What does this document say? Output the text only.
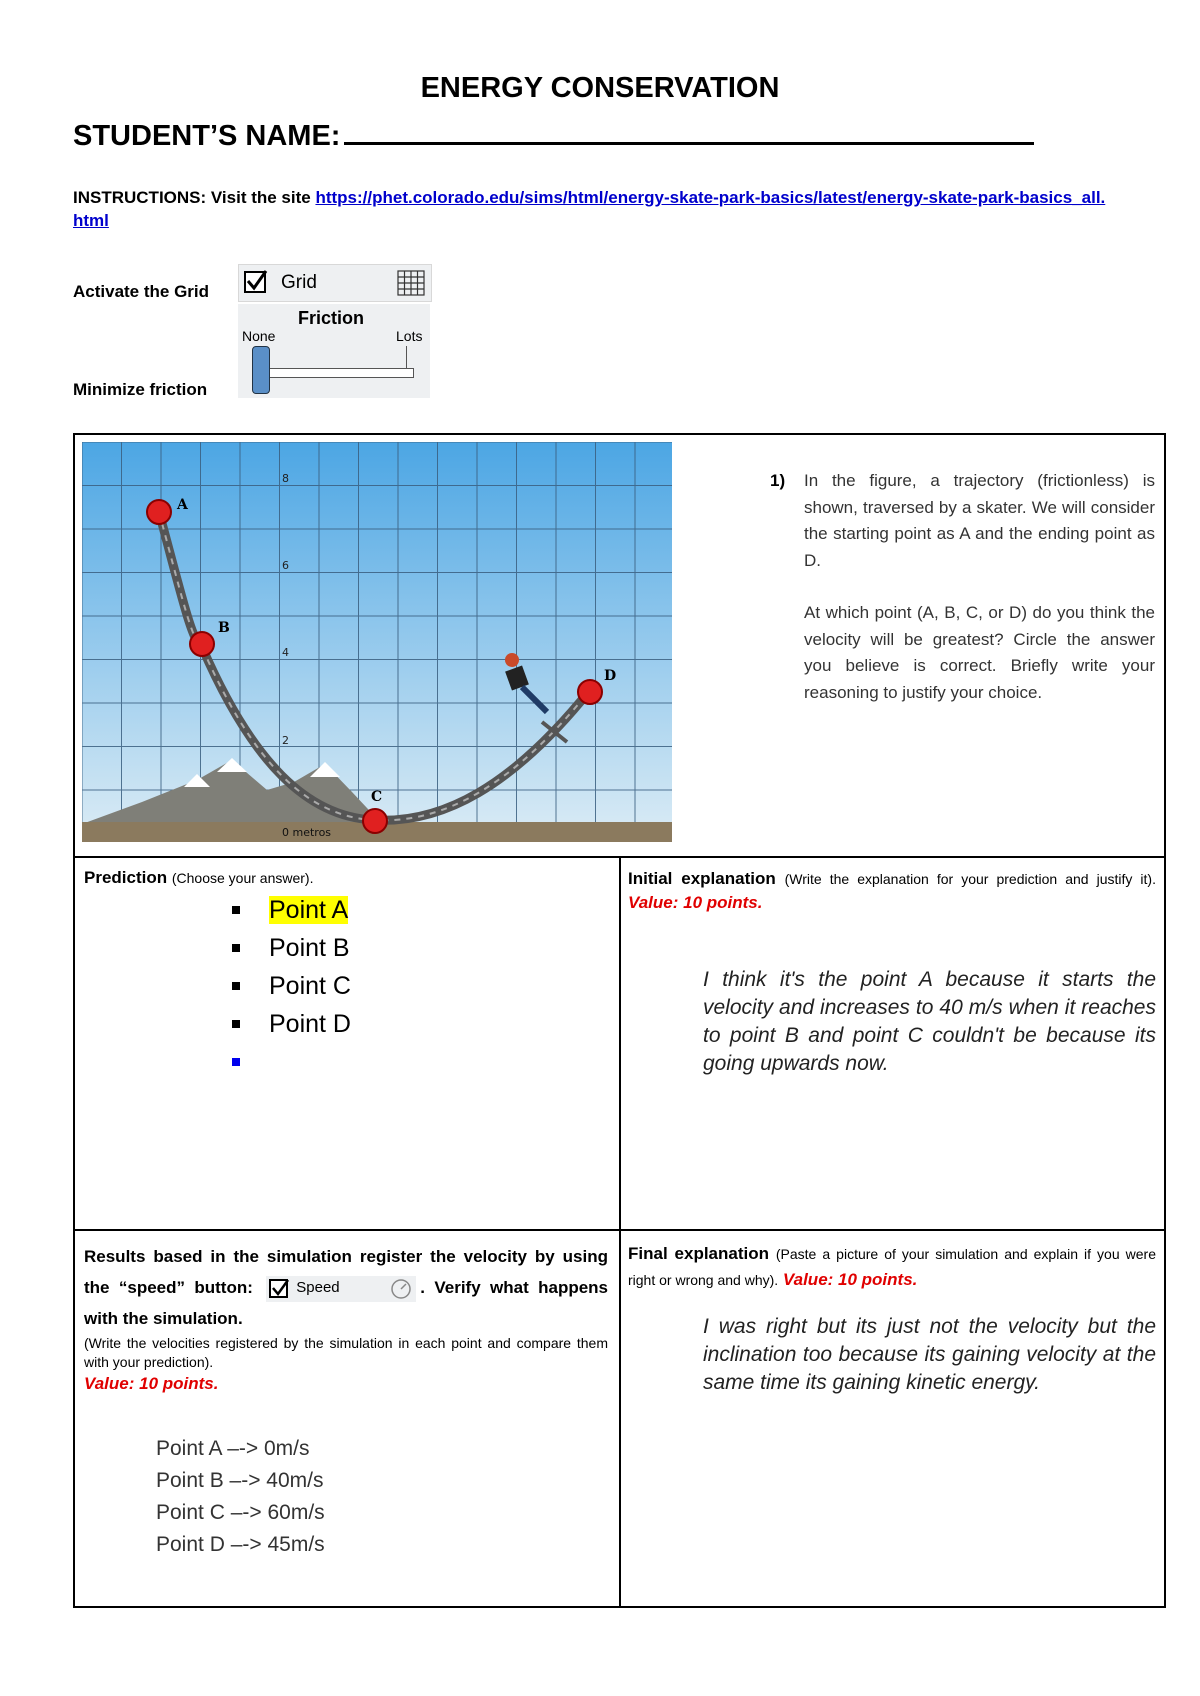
ENERGY CONSERVATION
STUDENT’S NAME:
INSTRUCTIONS: Visit the site https://phet.colorado.edu/sims/html/energy-skate-park-basics/latest/energy-skate-park-basics_all.html
Activate the Grid	Grid
Friction
None	Lots
Minimize friction
8
6
4
2
0 metros
A
B
C
D
1) In the figure, a trajectory (frictionless) is shown, traversed by a skater. We will consider the starting point as A and the ending point as D.
At which point (A, B, C, or D) do you think the velocity will be greatest? Circle the answer you believe is correct. Briefly write your reasoning to justify your choice.
Prediction (Choose your answer).
Point A
Point B
Point C
Point D
Initial explanation (Write the explanation for your prediction and justify it). Value: 10 points.
I think it's the point A because it starts the velocity and increases to 40 m/s when it reaches to point B and point C couldn't be because its going upwards now.
Results based in the simulation register the velocity by using the “speed” button:	Speed	. Verify what happens with the simulation.
(Write the velocities registered by the simulation in each point and compare them with your prediction).
Value: 10 points.
Point A –-> 0m/s
Point B –-> 40m/s
Point C –-> 60m/s
Point D –-> 45m/s
Final explanation (Paste a picture of your simulation and explain if you were right or wrong and why). Value: 10 points.
I was right but its just not the velocity but the inclination too because its gaining velocity at the same time its gaining kinetic energy.
